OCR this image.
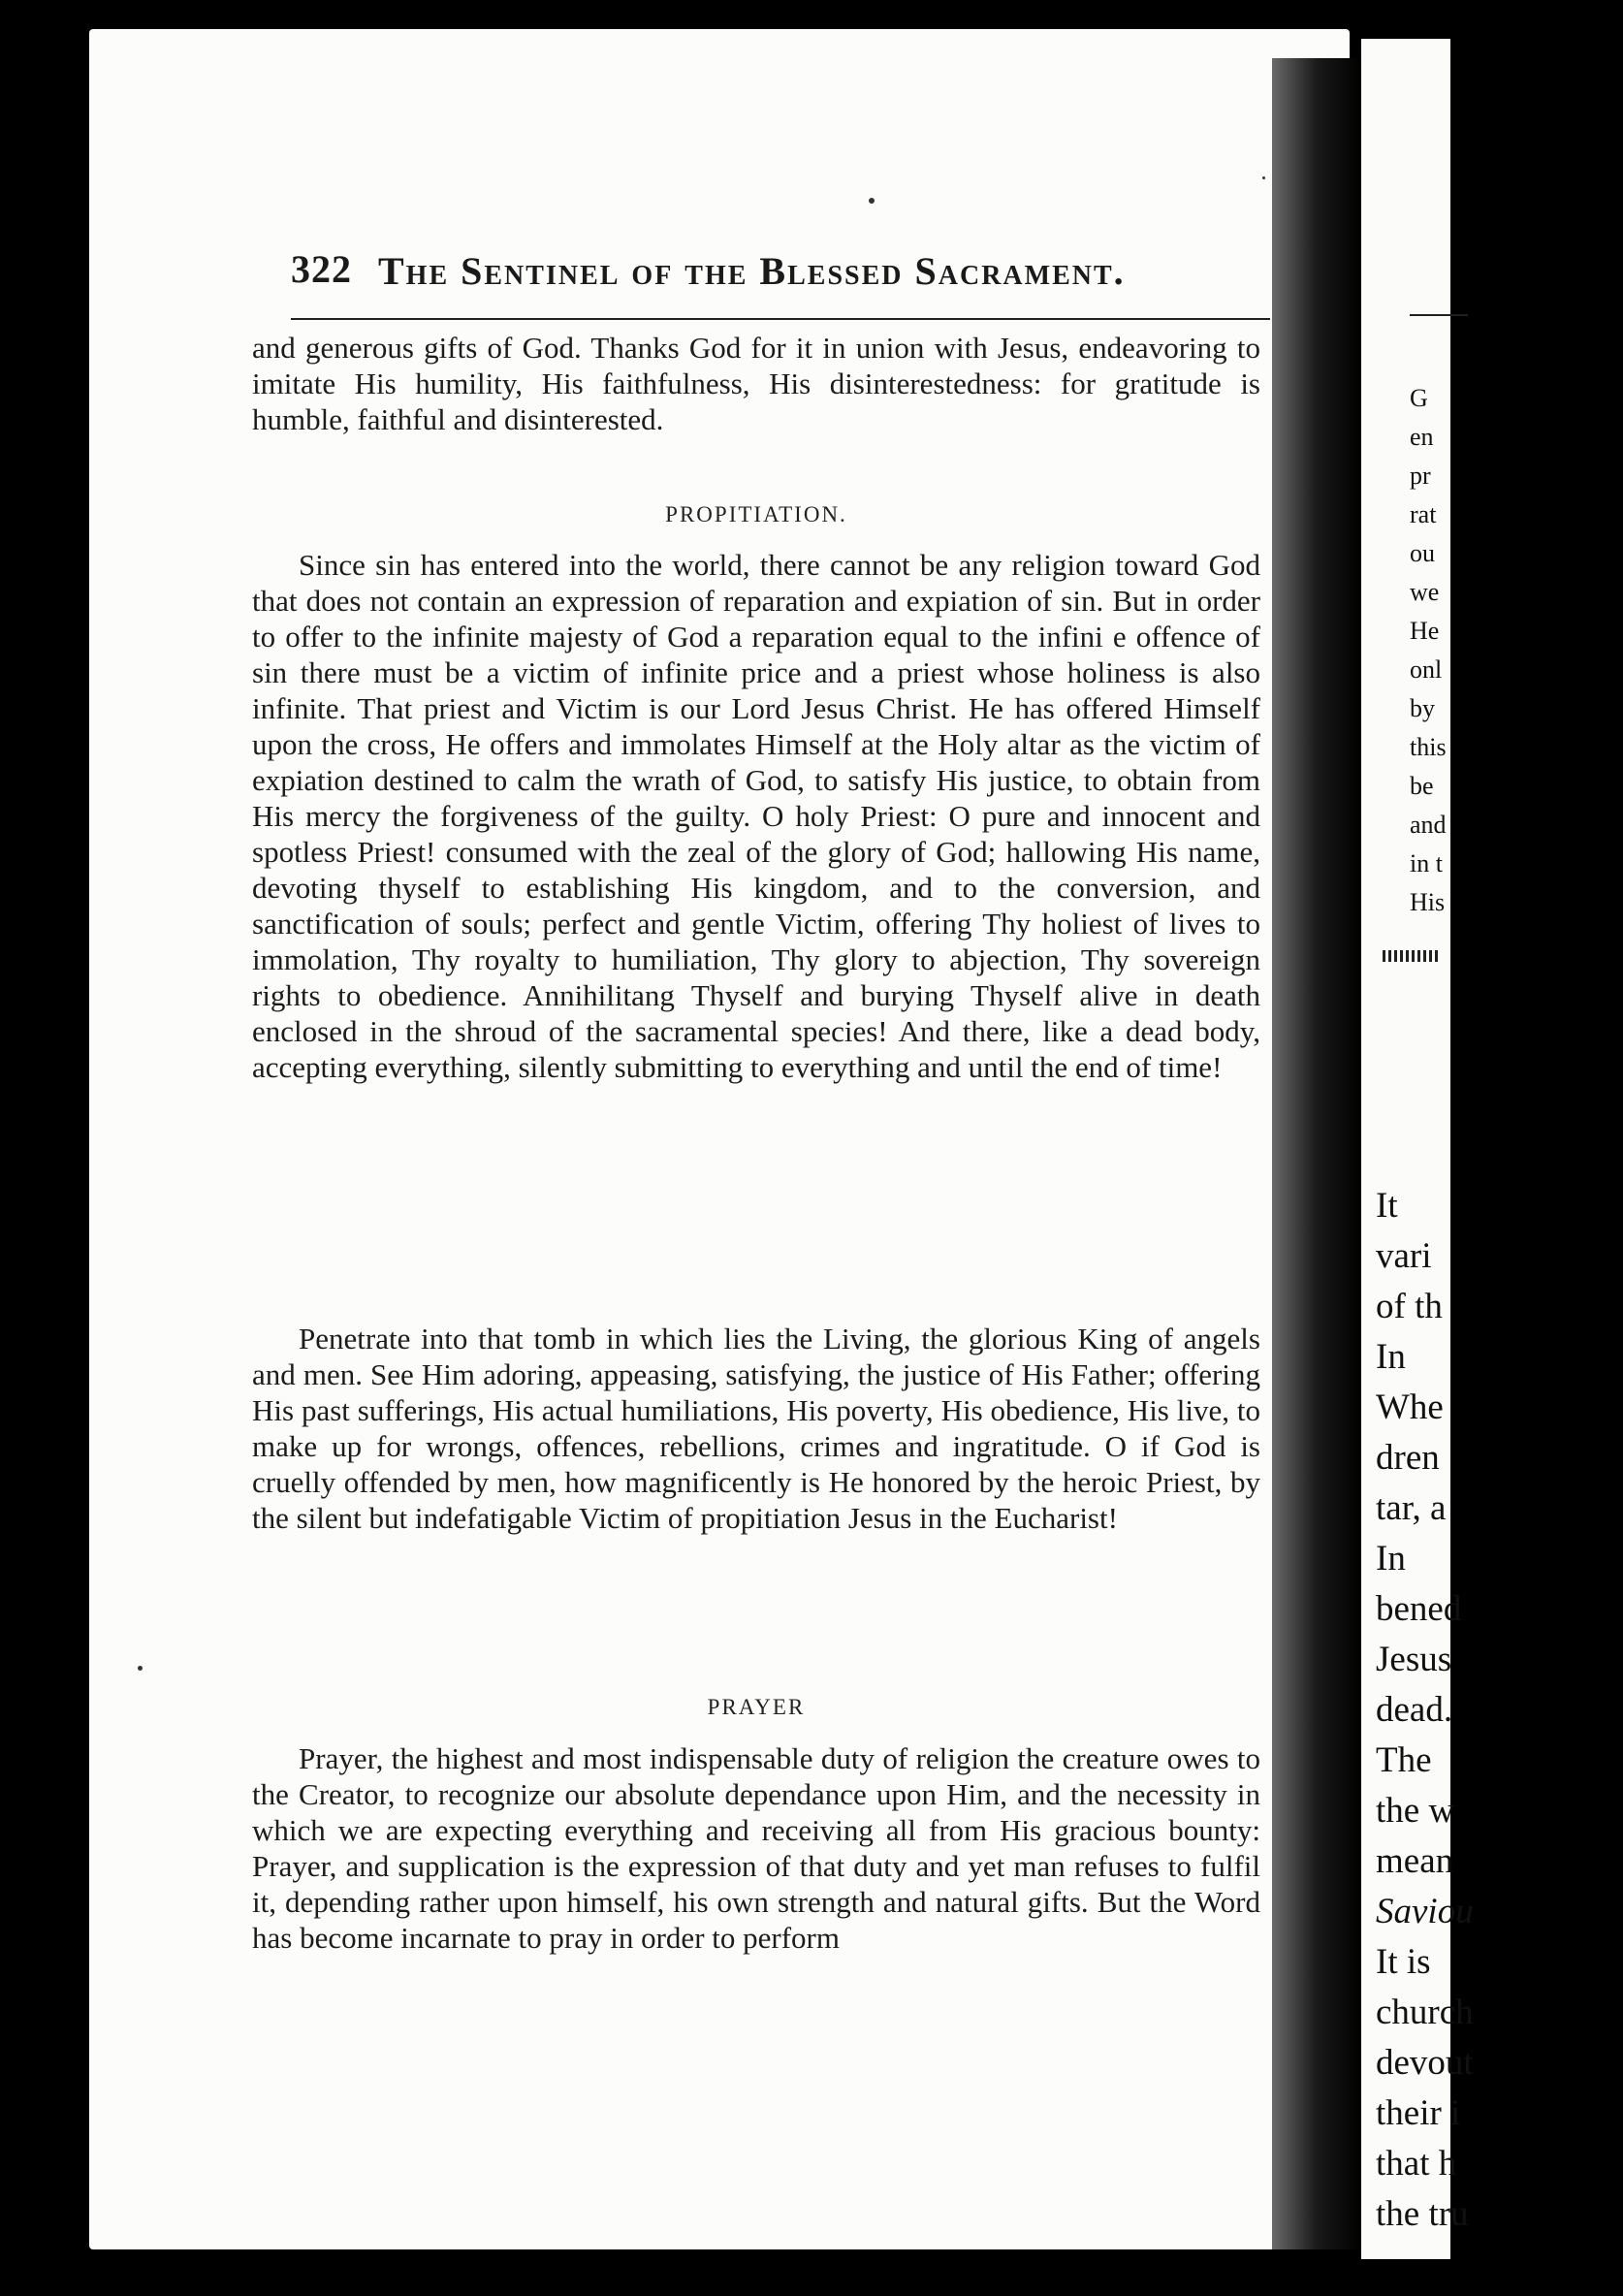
G
en
pr
rat
ou
we
He
onl
by
this
be
and
in t
His
It
vari
of th
In
Whe
dren
tar, a
In
bened
Jesus
dead.
The
the w
mean
Saviou
It is
church
devout
their i
that h
the tru
322 The Sentinel of the Blessed Sacrament.
and generous gifts of God. Thanks God for it in union with Jesus, endeavoring to imitate His humility, His faithfulness, His disinterestedness: for gratitude is humble, faithful and disinterested.
PROPITIATION.
Since sin has entered into the world, there cannot be any religion toward God that does not contain an expression of reparation and expiation of sin. But in order to offer to the infinite majesty of God a reparation equal to the infini e offence of sin there must be a victim of infinite price and a priest whose holiness is also infinite. That priest and Victim is our Lord Jesus Christ. He has offered Himself upon the cross, He offers and immolates Himself at the Holy altar as the victim of expiation destined to calm the wrath of God, to satisfy His justice, to obtain from His mercy the forgiveness of the guilty. O holy Priest: O pure and innocent and spotless Priest! consumed with the zeal of the glory of God; hallowing His name, devoting thyself to establishing His kingdom, and to the conversion, and sanctification of souls; perfect and gentle Victim, offering Thy holiest of lives to immolation, Thy royalty to humiliation, Thy glory to abjection, Thy sovereign rights to obedience. Annihilitang Thyself and burying Thyself alive in death enclosed in the shroud of the sacramental species! And there, like a dead body, accepting everything, silently submitting to everything and until the end of time!
Penetrate into that tomb in which lies the Living, the glorious King of angels and men. See Him adoring, appeasing, satisfying, the justice of His Father; offering His past sufferings, His actual humiliations, His poverty, His obedience, His live, to make up for wrongs, offences, rebellions, crimes and ingratitude. O if God is cruelly offended by men, how magnificently is He honored by the heroic Priest, by the silent but indefatigable Victim of propitiation Jesus in the Eucharist!
PRAYER
Prayer, the highest and most indispensable duty of religion the creature owes to the Creator, to recognize our absolute dependance upon Him, and the necessity in which we are expecting everything and receiving all from His gracious bounty: Prayer, and supplication is the expression of that duty and yet man refuses to fulfil it, depending rather upon himself, his own strength and natural gifts. But the Word has become incarnate to pray in order to perform
